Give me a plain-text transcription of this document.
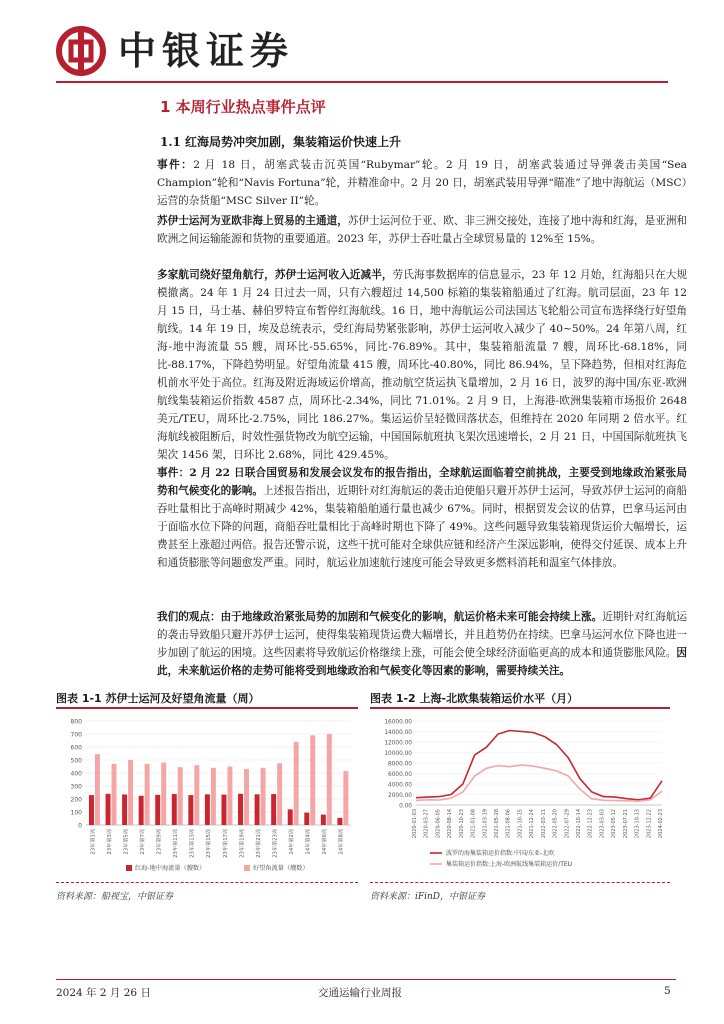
中银证券
1 本周行业热点事件点评
1.1 红海局势冲突加剧，集装箱运价快速上升

事件：2 月 18 日，胡塞武装击沉英国“Rubymar”轮。2 月 19 日，胡塞武装通过导弹袭击美国“Sea Champion”轮和“Navis Fortuna”轮，并精准命中。2 月 20 日，胡塞武装用导弹“瞄准”了地中海航运（MSC）运营的杂货船“MSC Silver II”轮。

苏伊士运河为亚欧非海上贸易的主通道，苏伊士运河位于亚、欧、非三洲交接处，连接了地中海和红海，是亚洲和欧洲之间运输能源和货物的重要通道。2023 年，苏伊士吞吐量占全球贸易量的 12%至 15%。

多家航司绕好望角航行，苏伊士运河收入近减半，劳氏海事数据库的信息显示，23 年 12 月始，红海船只在大规模撤离。24 年 1 月 24 日过去一周，只有六艘超过 14,500 标箱的集装箱船通过了红海。航司层面，23 年 12 月 15 日，马士基、赫伯罗特宣布暂停红海航线。16 日，地中海航运公司法国达飞轮船公司宣布选择绕行好望角航线。14 年 19 日，埃及总统表示，受红海局势紧张影响，苏伊士运河收入减少了 40~50%。24 年第八周，红海-地中海流量 55 艘，周环比-55.65%，同比-76.89%。其中，集装箱船流量 7 艘，周环比-68.18%，同比-88.17%，下降趋势明显。好望角流量 415 艘，周环比-40.80%，同比 86.94%，呈下降趋势，但相对红海危机前水平处于高位。红海及附近海域运价增高，推动航空货运执飞量增加，2 月 16 日，波罗的海中国/东亚-欧洲航线集装箱运价指数 4587 点，周环比-2.34%，同比 71.01%。2 月 9 日，上海港-欧洲集装箱市场报价 2648 美元/TEU，周环比-2.75%，同比 186.27%。集运运价呈轻微回落状态，但维持在 2020 年同期 2 倍水平。红海航线被阻断后，时效性强货物改为航空运输，中国国际航班执飞架次迅速增长，2 月 21 日，中国国际航班执飞架次 1456 架，日环比 2.68%，同比 429.45%。

事件：2 月 22 日联合国贸易和发展会议发布的报告指出，全球航运面临着空前挑战，主要受到地缘政治紧张局势和气候变化的影响。上述报告指出，近期针对红海航运的袭击迫使船只避开苏伊士运河，导致苏伊士运河的商船吞吐量相比于高峰时期减少 42%，集装箱船舶通行量也减少 67%。同时，根据贸发会议的估算，巴拿马运河由于面临水位下降的问题，商船吞吐量相比于高峰时期也下降了 49%。这些问题导致集装箱现货运价大幅增长，运费甚至上涨超过两倍。报告还警示说，这些干扰可能对全球供应链和经济产生深远影响，使得交付延误、成本上升和通货膨胀等问题愈发严重。同时，航运业加速航行速度可能会导致更多燃料消耗和温室气体排放。

我们的观点：由于地缘政治紧张局势的加剧和气候变化的影响，航运价格未来可能会持续上涨。近期针对红海航运的袭击导致船只避开苏伊士运河，使得集装箱现货运费大幅增长，并且趋势仍在持续。巴拿马运河水位下降也进一步加剧了航运的困境。这些因素将导致航运价格继续上涨，可能会使全球经济面临更高的成本和通货膨胀风险。因此，未来航运价格的走势可能将受到地缘政治和气候变化等因素的影响，需要持续关注。

图表 1-1 苏伊士运河及好望角流量（周）
0
100
200
300
400
500
600
700
800
23年第1周	23年第3周	23年第5周	23年第7周	23年第9周	23年第11周	23年第13周	23年第15周	23年第17周	23年第19周	23年第21周	23年第23周	24年第2周	24年第4周	24年第6周	24年第8周
红海-地中海流量（艘数）	好望角流量（艘数）
资料来源：船视宝，中银证券
图表 1-2 上海-北欧集装箱运价水平（月）
0.00
2000.00
4000.00
6000.00
8000.00
10000.00
12000.00
14000.00
16000.00
2020-01-03 2020-03-27 2020-06-05 2020-08-14 2020-10-23 2021-01-08 2021-03-19 2021-05-28 2021-08-06 2021-10-15 2021-12-24 2022-03-11 2022-05-20 2022-07-29 2022-10-14 2022-12-23 2023-03-03 2023-05-12 2023-07-21 2023-10-13 2023-12-22 2024-02-23
波罗的海集装箱运价指数:中国/东亚-北欧
集装箱运价指数:上海-欧洲航线集装箱运价/TEU
资料来源：iFinD，中银证券
2024 年 2 月 26 日	交通运输行业周报	5
